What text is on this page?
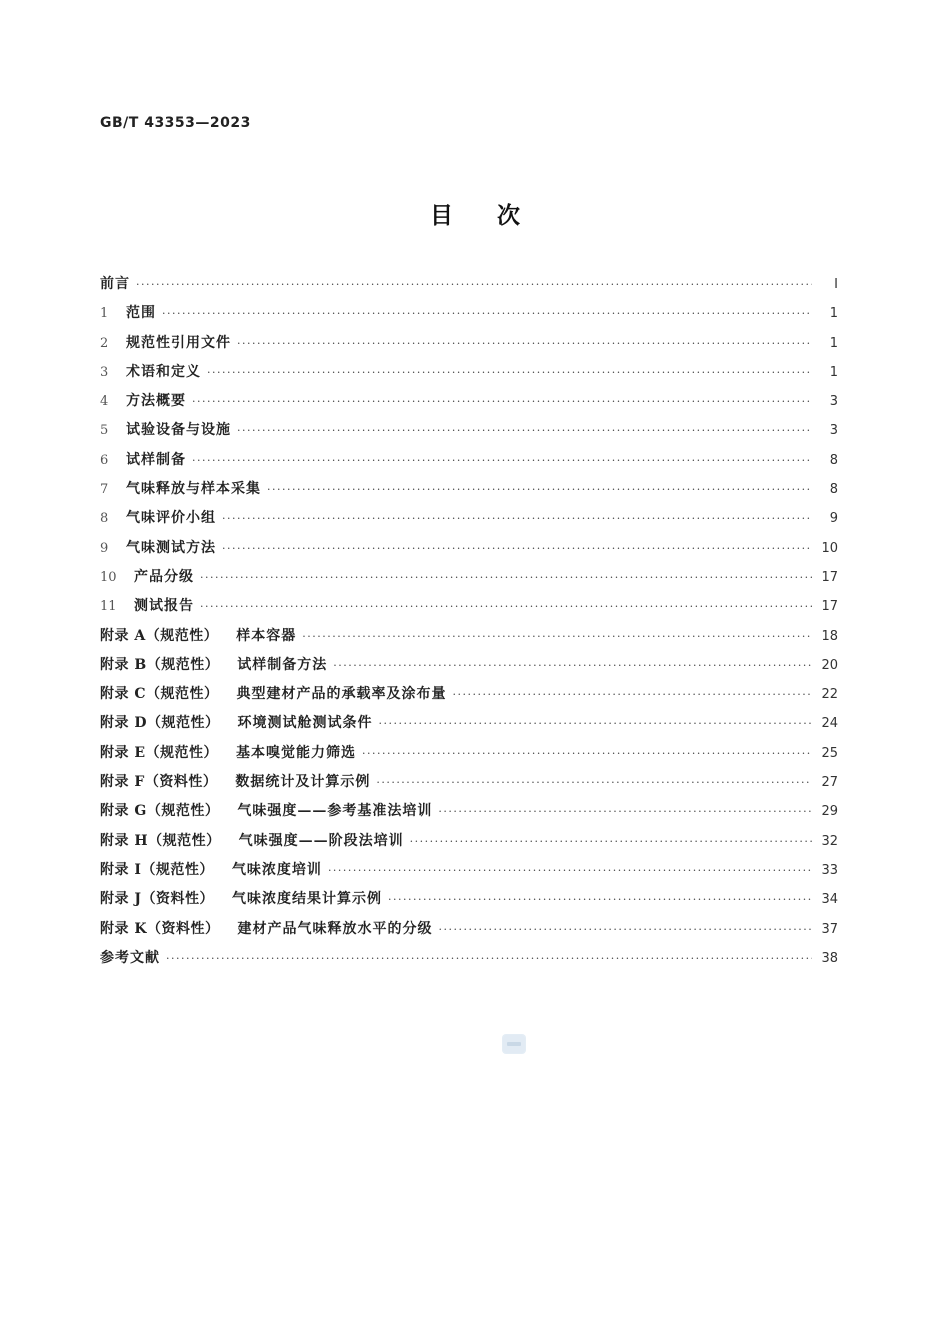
GB/T 43353—2023
目次
前言 ·····	Ⅰ
1	范围 ·····	1
2	规范性引用文件 ·····	1
3	术语和定义 ·····	1
4	方法概要 ·····	3
5	试验设备与设施 ·····	3
6	试样制备 ·····	8
7	气味释放与样本采集 ·····	8
8	气味评价小组 ·····	9
9	气味测试方法 ·····	10
10	产品分级 ·····	17
11	测试报告 ·····	17
附录 A（规范性） 样本容器 ·····	18
附录 B（规范性） 试样制备方法 ·····	20
附录 C（规范性） 典型建材产品的承载率及涂布量 ·····	22
附录 D（规范性） 环境测试舱测试条件 ·····	24
附录 E（规范性） 基本嗅觉能力筛选 ·····	25
附录 F（资料性） 数据统计及计算示例 ·····	27
附录 G（规范性） 气味强度——参考基准法培训 ·····	29
附录 H（规范性） 气味强度——阶段法培训 ·····	32
附录 I（规范性） 气味浓度培训 ·····	33
附录 J（资料性） 气味浓度结果计算示例 ·····	34
附录 K（资料性） 建材产品气味释放水平的分级 ·····	37
参考文献 ·····	38
